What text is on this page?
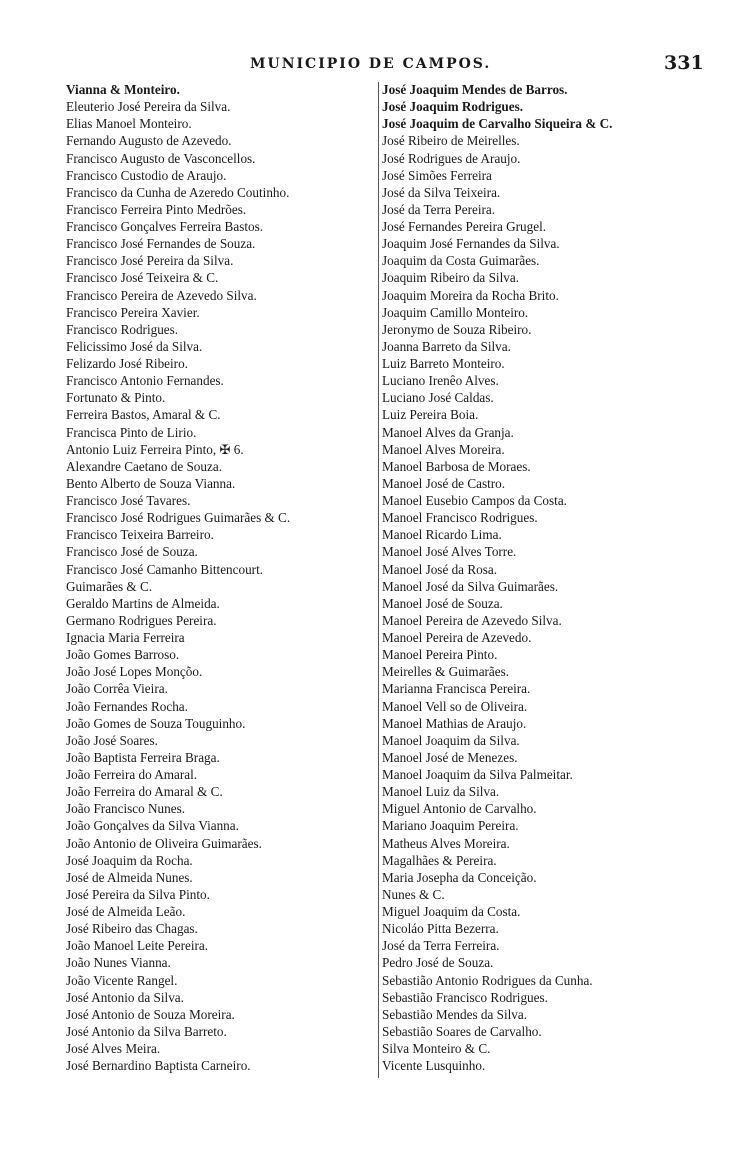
MUNICIPIO DE CAMPOS.	331
Vianna & Monteiro.
Eleuterio José Pereira da Silva.
Elias Manoel Monteiro.
Fernando Augusto de Azevedo.
Francisco Augusto de Vasconcellos.
Francisco Custodio de Araujo.
Francisco da Cunha de Azeredo Coutinho.
Francisco Ferreira Pinto Medrões.
Francisco Gonçalves Ferreira Bastos.
Francisco José Fernandes de Souza.
Francisco José Pereira da Silva.
Francisco José Teixeira & C.
Francisco Pereira de Azevedo Silva.
Francisco Pereira Xavier.
Francisco Rodrigues.
Felicissimo José da Silva.
Felizardo José Ribeiro.
Francisco Antonio Fernandes.
Fortunato & Pinto.
Ferreira Bastos, Amaral & C.
Francisca Pinto de Lirio.
Antonio Luiz Ferreira Pinto, ✠ 6.
Alexandre Caetano de Souza.
Bento Alberto de Souza Vianna.
Francisco José Tavares.
Francisco José Rodrigues Guimarães & C.
Francisco Teixeira Barreiro.
Francisco José de Souza.
Francisco José Camanho Bittencourt.
Guimarães & C.
Geraldo Martins de Almeida.
Germano Rodrigues Pereira.
Ignacia Maria Ferreira
João Gomes Barroso.
João José Lopes Monçõo.
João Corrêa Vieira.
João Fernandes Rocha.
João Gomes de Souza Touguinho.
João José Soares.
João Baptista Ferreira Braga.
João Ferreira do Amaral.
João Ferreira do Amaral & C.
João Francisco Nunes.
João Gonçalves da Silva Vianna.
João Antonio de Oliveira Guimarães.
José Joaquim da Rocha.
José de Almeida Nunes.
José Pereira da Silva Pinto.
José de Almeida Leão.
José Ribeiro das Chagas.
João Manoel Leite Pereira.
João Nunes Vianna.
João Vicente Rangel.
José Antonio da Silva.
José Antonio de Souza Moreira.
José Antonio da Silva Barreto.
José Alves Meira.
José Bernardino Baptista Carneiro.
José Joaquim Mendes de Barros.
José Joaquim Rodrigues.
José Joaquim de Carvalho Siqueira & C.
José Ribeiro de Meirelles.
José Rodrigues de Araujo.
José Simões Ferreira
José da Silva Teixeira.
José da Terra Pereira.
José Fernandes Pereira Grugel.
Joaquim José Fernandes da Silva.
Joaquim da Costa Guimarães.
Joaquim Ribeiro da Silva.
Joaquim Moreira da Rocha Brito.
Joaquim Camillo Monteiro.
Jeronymo de Souza Ribeiro.
Joanna Barreto da Silva.
Luiz Barreto Monteiro.
Luciano Irenêo Alves.
Luciano José Caldas.
Luiz Pereira Boia.
Manoel Alves da Granja.
Manoel Alves Moreira.
Manoel Barbosa de Moraes.
Manoel José de Castro.
Manoel Eusebio Campos da Costa.
Manoel Francisco Rodrigues.
Manoel Ricardo Lima.
Manoel José Alves Torre.
Manoel José da Rosa.
Manoel José da Silva Guimarães.
Manoel José de Souza.
Manoel Pereira de Azevedo Silva.
Manoel Pereira de Azevedo.
Manoel Pereira Pinto.
Meirelles & Guimarães.
Marianna Francisca Pereira.
Manoel Vell so de Oliveira.
Manoel Mathias de Araujo.
Manoel Joaquim da Silva.
Manoel José de Menezes.
Manoel Joaquim da Silva Palmeitar.
Manoel Luiz da Silva.
Miguel Antonio de Carvalho.
Mariano Joaquim Pereira.
Matheus Alves Moreira.
Magalhães & Pereira.
Maria Josepha da Conceição.
Nunes & C.
Miguel Joaquim da Costa.
Nicoláo Pitta Bezerra.
José da Terra Ferreira.
Pedro José de Souza.
Sebastião Antonio Rodrigues da Cunha.
Sebastião Francisco Rodrigues.
Sebastião Mendes da Silva.
Sebastião Soares de Carvalho.
Silva Monteiro & C.
Vicente Lusquinho.
